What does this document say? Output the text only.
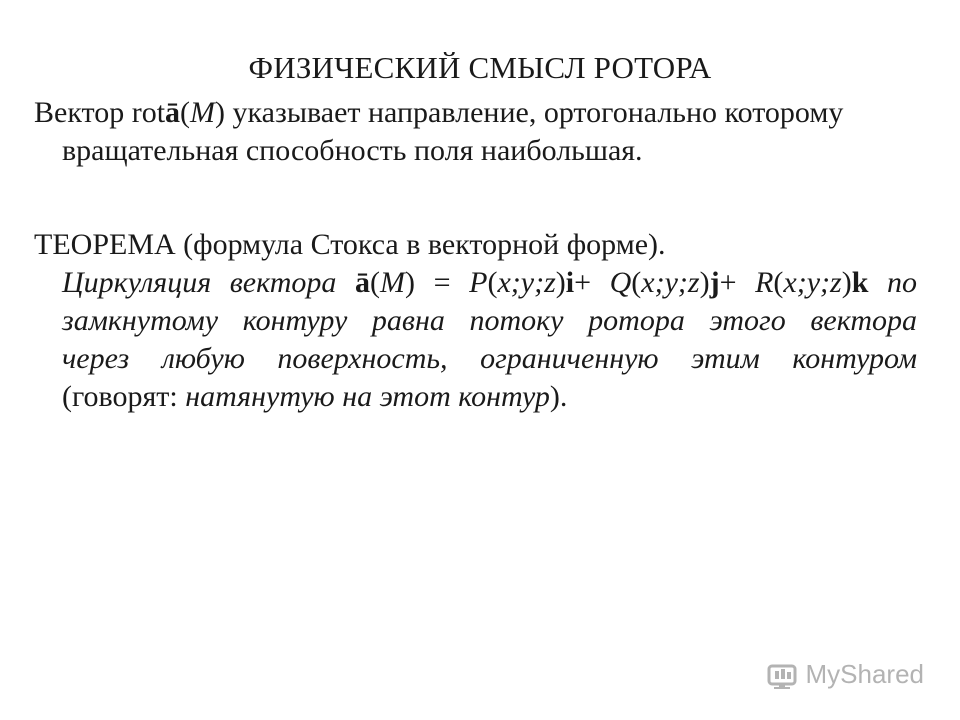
ФИЗИЧЕСКИЙ СМЫСЛ РОТОРА
Вектор rotā(M) указывает направление, ортогонально которому
вращательная способность поля наибольшая.
ТЕОРЕМА (формула Стокса в векторной форме).
Циркуляция вектора ā(M) = P(x;y;z)i+ Q(x;y;z)j+ R(x;y;z)k по
замкнутому контуру равна потоку ротора этого вектора
через любую поверхность, ограниченную этим контуром
(говорят: натянутую на этот контур).
MyShared
